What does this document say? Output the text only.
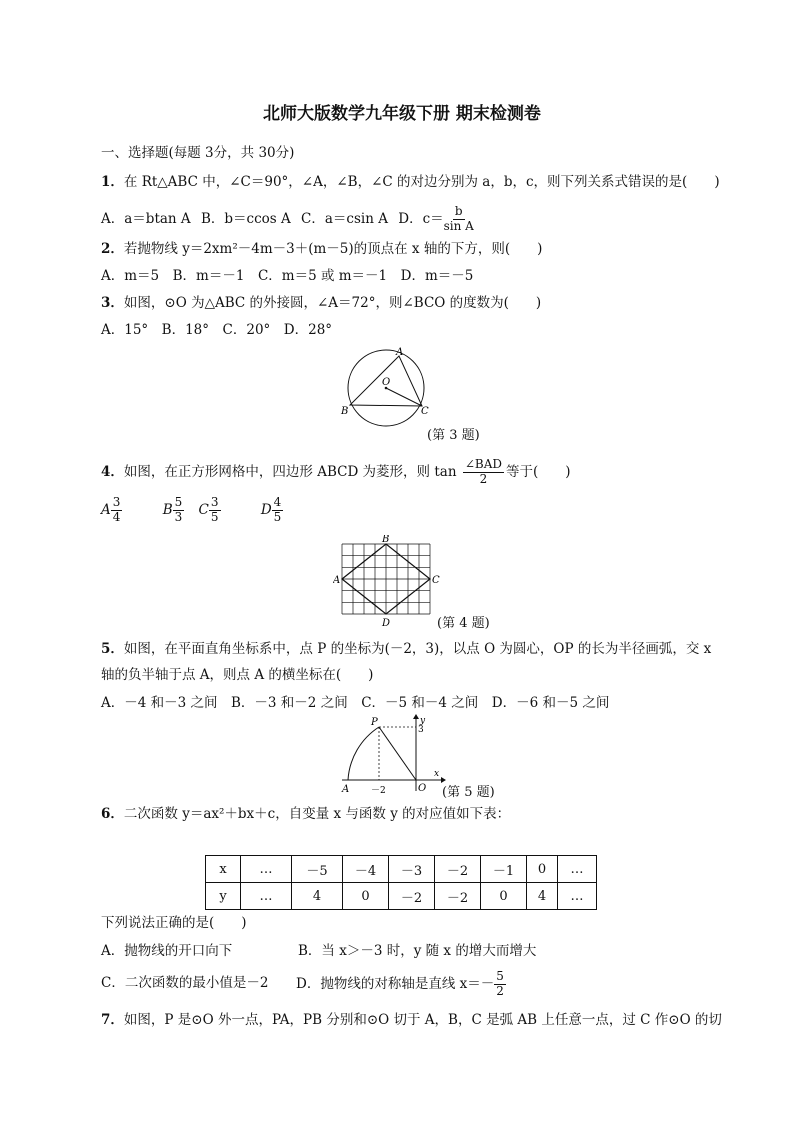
北师大版数学九年级下册 期末检测卷
一、选择题(每题 3分，共 30分)
1．在 Rt△ABC 中，∠C＝90°，∠A，∠B，∠C 的对边分别为 a，b，c，则下列关系式错误的是(　　)
A．a＝btan A B．b＝ccos A C．a＝csin A D．$c= \frac{b}{\text{sin A}}$
2．若抛物线 y＝2xm²－4m－3＋(m－5)的顶点在 x 轴的下方，则(　　)
A．m＝5　B．m＝－1　C．m＝5 或 m＝－1　D．m＝－5
3．如图，⊙O 为△ABC 的外接圆，∠A＝72°，则∠BCO 的度数为(　　)
A．15°　B．18°　C．20°　D．28°
A
B	C
O
(第 3 题)
4．如图，在正方形网格中，四边形 ABCD 为菱形，则 $\tan \frac{\text{∠BAD}}{2}$ 等于(　　)
A $\frac{3}{4}$	B $\frac{5}{3}$ C $\frac{3}{5}$	D $\frac{4}{5}$
A
B
C
D	(第 4 题)
5．如图，在平面直角坐标系中，点 P 的坐标为(－2，3)，以点 O 为圆心，OP 的长为半径画弧，交 x
轴的负半轴于点 A，则点 A 的横坐标在(　　)
A．－4 和－3 之间　B．－3 和－2 之间　C．－5 和－4 之间　D．－6 和－5 之间
P	y
3
A －2	O
x
(第 5 题)
6．二次函数 y＝ax²＋bx＋c，自变量 x 与函数 y 的对应值如下表：
x	…	－5	－4	－3	－2	－1	0	…
y	…	4	0	－2	－2	0	4	…
下列说法正确的是(　　)
A．抛物线的开口向下	B．当 x＞－3 时，y 随 x 的增大而增大
C．二次函数的最小值是－2 D．抛物线的对称轴是直线 $x=- \frac{5}{2}$
7．如图，P 是⊙O 外一点，PA，PB 分别和⊙O 切于 A，B，C 是弧 AB 上任意一点，过 C 作⊙O 的切
